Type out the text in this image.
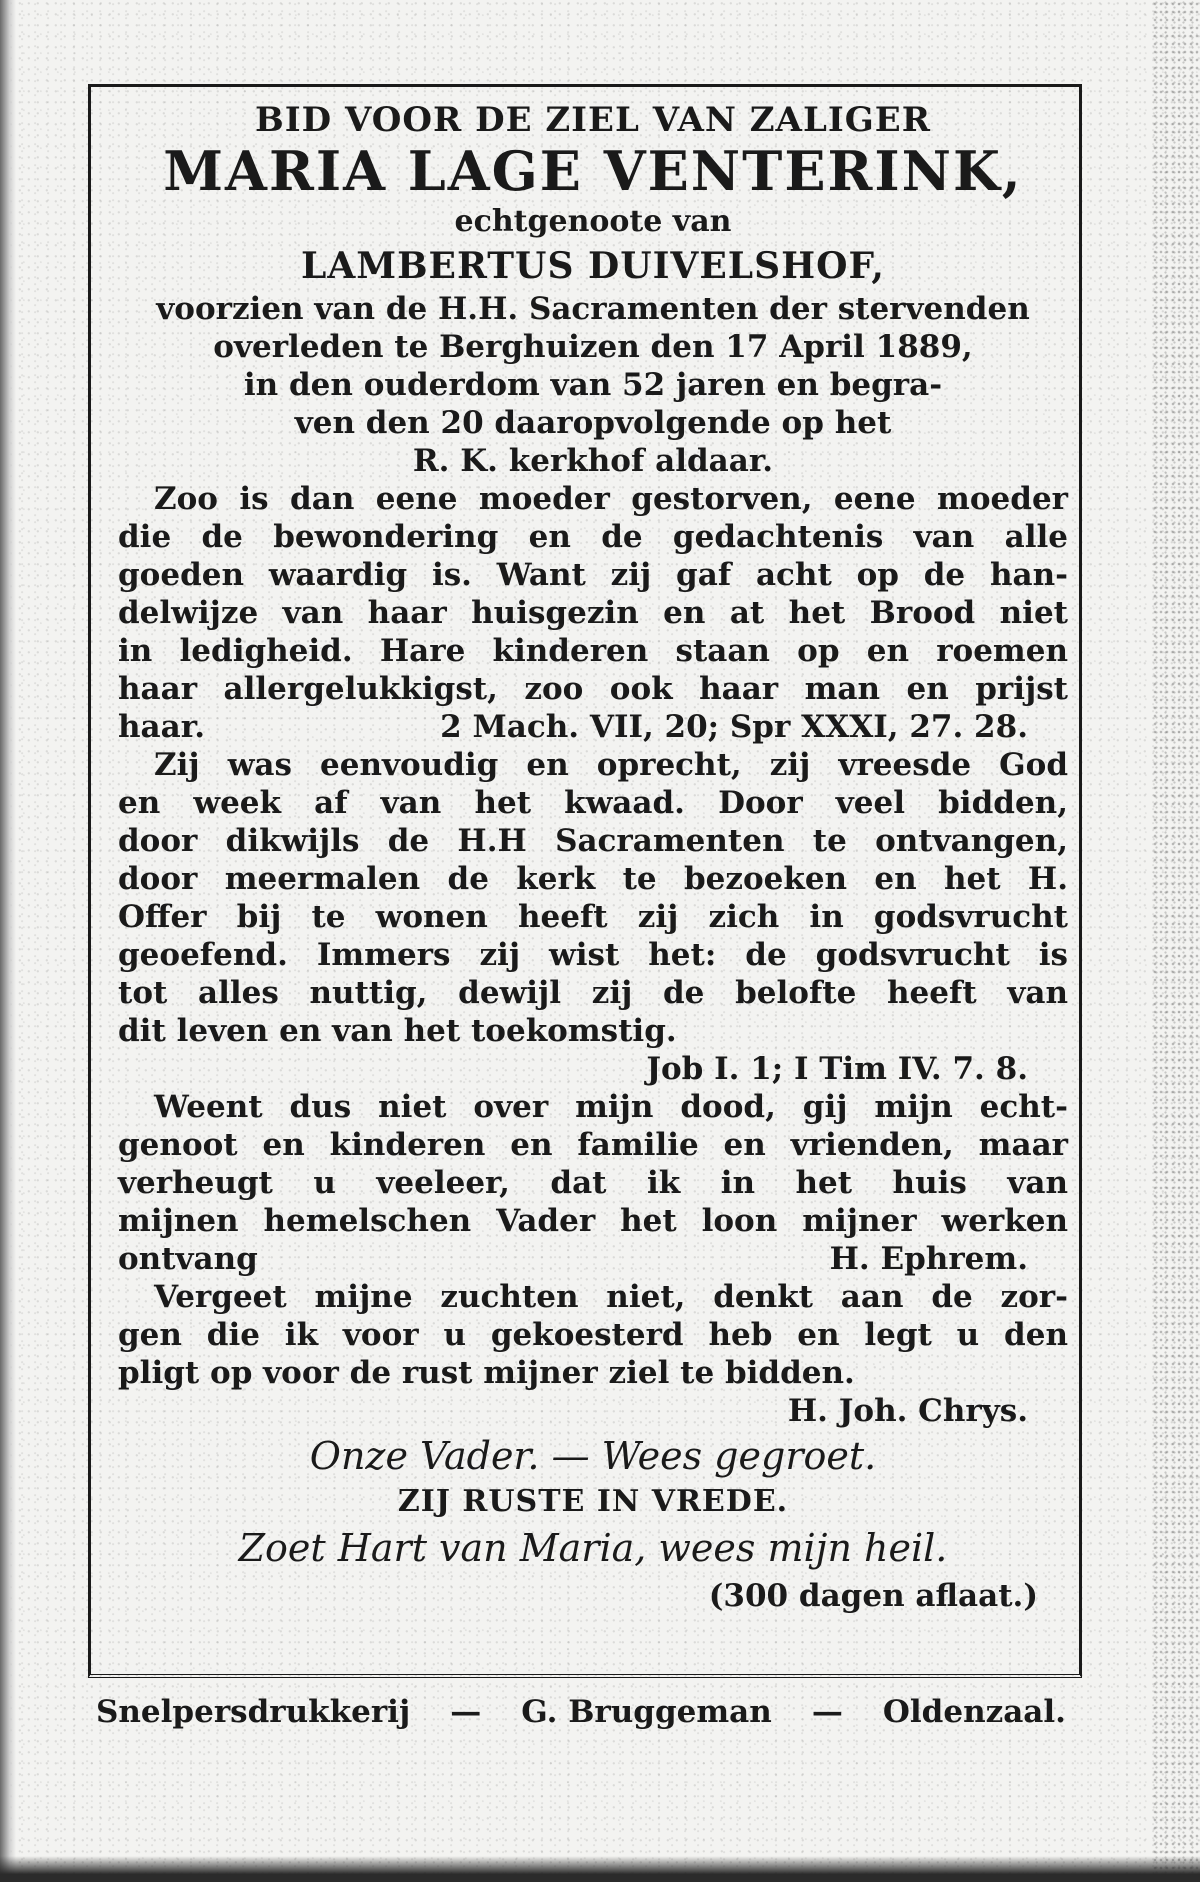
BID VOOR DE ZIEL VAN ZALIGER

MARIA LAGE VENTERINK,

echtgenoote van

LAMBERTUS DUIVELSHOF,

voorzien van de H.H. Sacramenten der stervenden

overleden te Berghuizen den 17 April 1889,

in den ouderdom van 52 jaren en begra-

ven den 20 daaropvolgende op het

R. K. kerkhof aldaar.

Zoo is dan eene moeder gestorven, eene moeder

die de bewondering en de gedachtenis van alle

goeden waardig is. Want zij gaf acht op de han-

delwijze van haar huisgezin en at het Brood niet

in ledigheid. Hare kinderen staan op en roemen

haar allergelukkigst, zoo ook haar man en prijst

haar.	2 Mach. VII, 20; Spr XXXI, 27. 28.

Zij was eenvoudig en oprecht, zij vreesde God

en week af van het kwaad. Door veel bidden,

door dikwijls de H.H Sacramenten te ontvangen,

door meermalen de kerk te bezoeken en het H.

Offer bij te wonen heeft zij zich in godsvrucht

geoefend. Immers zij wist het: de godsvrucht is

tot alles nuttig, dewijl zij de belofte heeft van

dit leven en van het toekomstig.

Job I. 1; I Tim IV. 7. 8.

Weent dus niet over mijn dood, gij mijn echt-

genoot en kinderen en familie en vrienden, maar

verheugt u veeleer, dat ik in het huis van

mijnen hemelschen Vader het loon mijner werken

ontvang	H. Ephrem.

Vergeet mijne zuchten niet, denkt aan de zor-

gen die ik voor u gekoesterd heb en legt u den

pligt op voor de rust mijner ziel te bidden.

H. Joh. Chrys.

Onze Vader. — Wees gegroet.

ZIJ RUSTE IN VREDE.

Zoet Hart van Maria, wees mijn heil.

(300 dagen aflaat.)

Snelpersdrukkerij — G. Bruggeman — Oldenzaal.
